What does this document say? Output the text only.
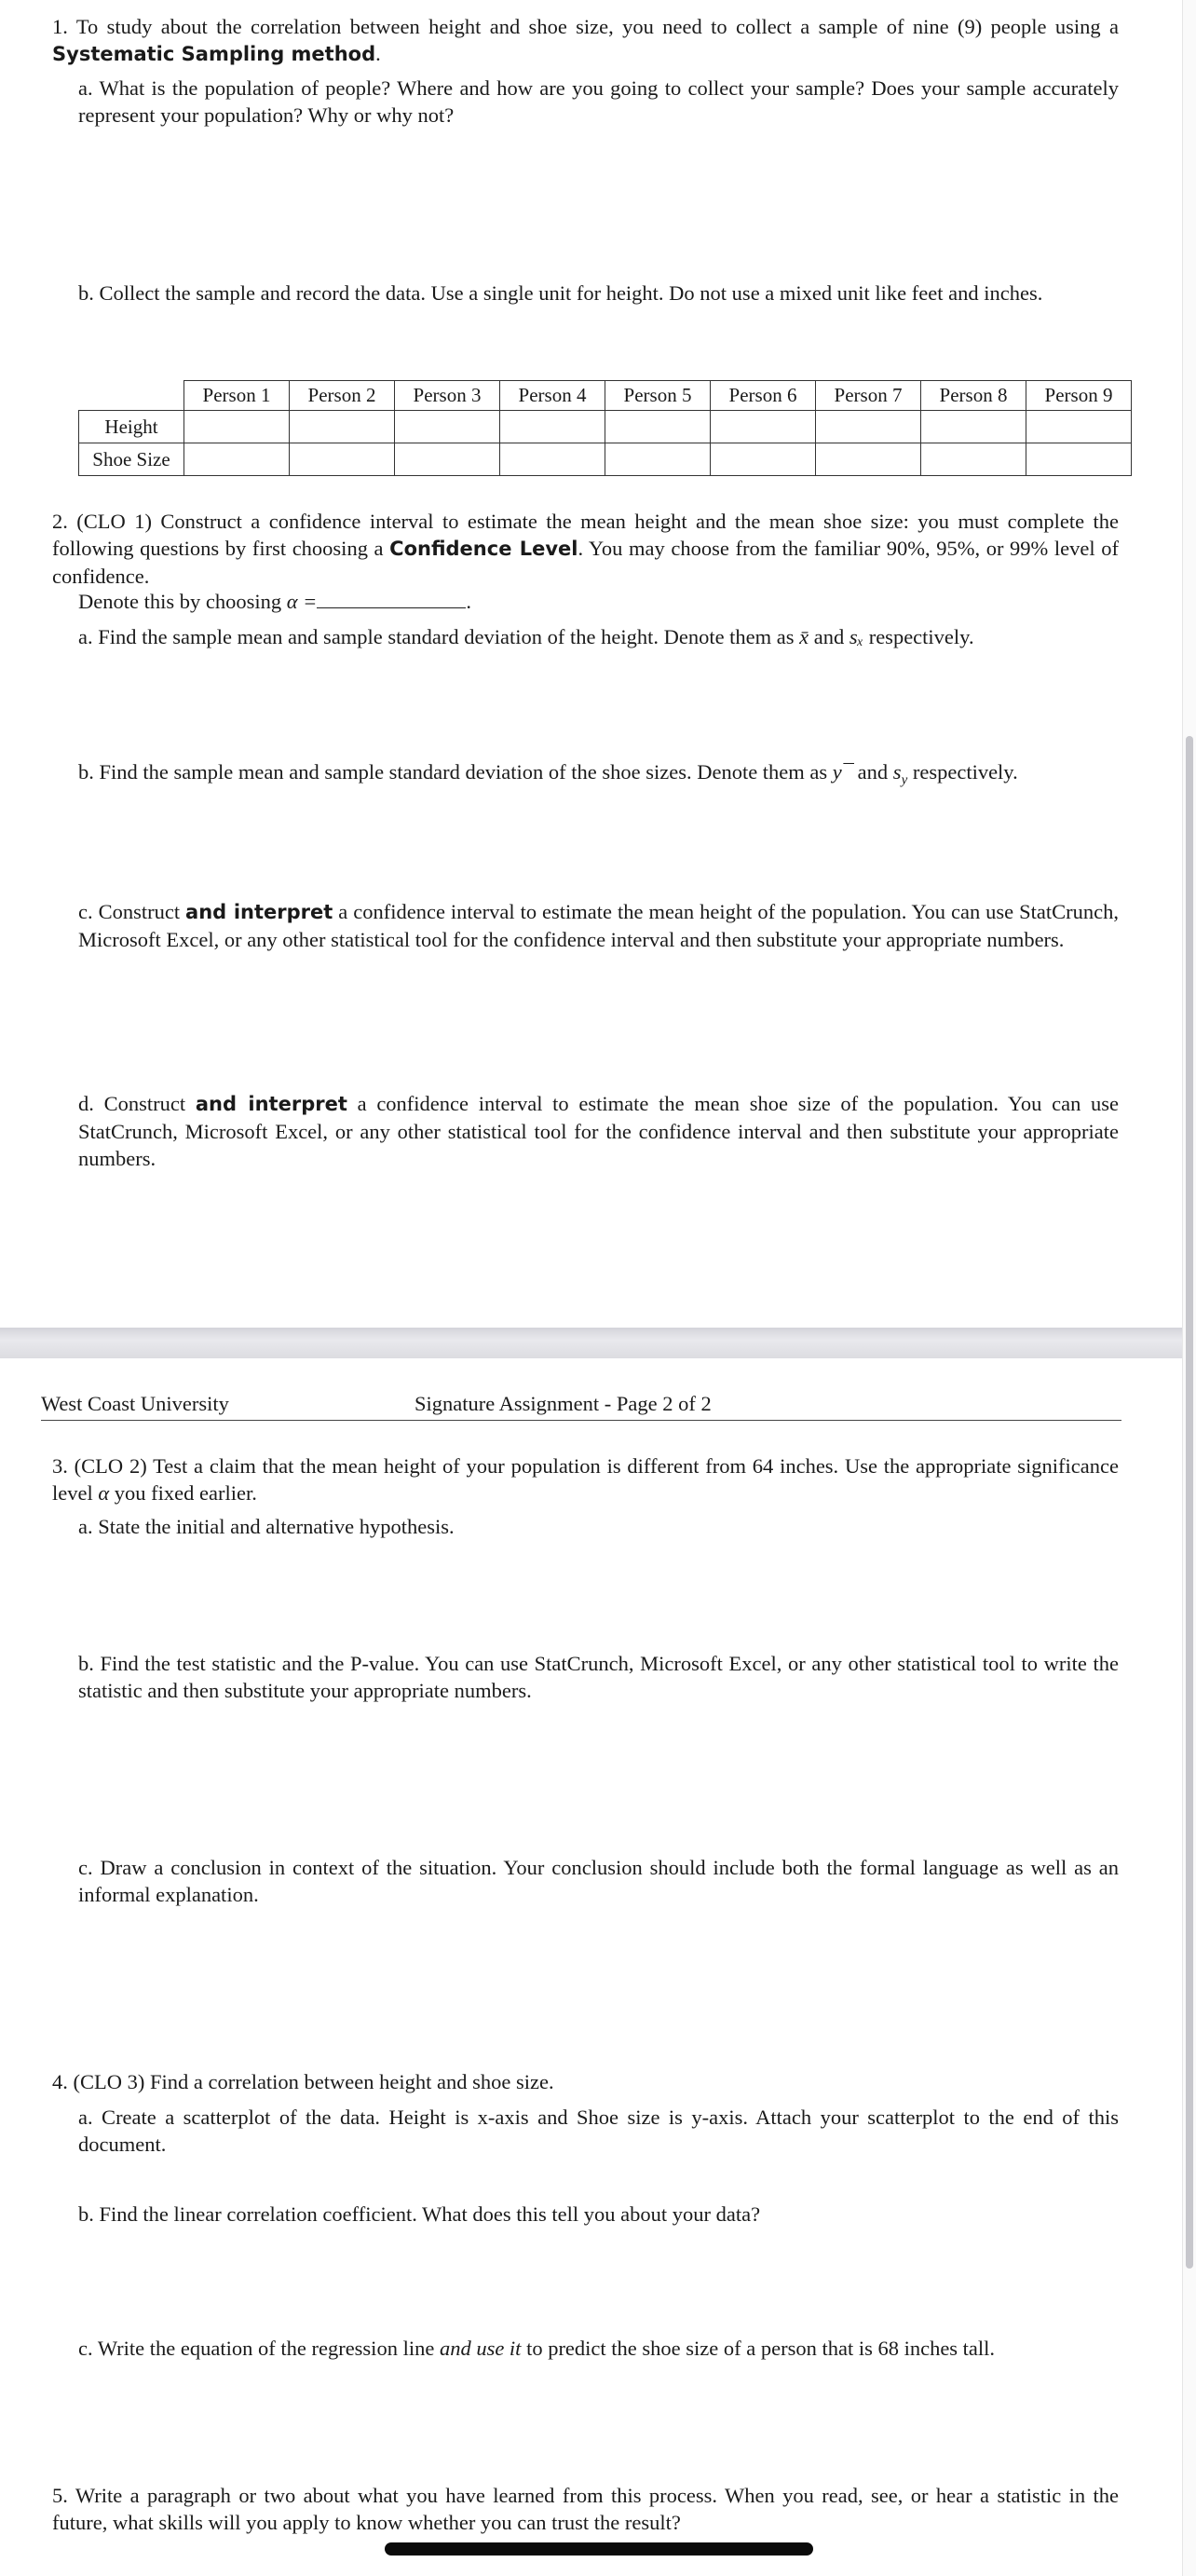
1. To study about the correlation between height and shoe size, you need to collect a sample of nine (9) people using a Systematic Sampling method.

a. What is the population of people? Where and how are you going to collect your sample? Does your sample accurately represent your population? Why or why not?

b. Collect the sample and record the data. Use a single unit for height. Do not use a mixed unit like feet and inches.

	Person 1	Person 2	Person 3	Person 4	Person 5	Person 6	Person 7	Person 8	Person 9
Height									
Shoe Size									

2. (CLO 1) Construct a confidence interval to estimate the mean height and the mean shoe size: you must complete the following questions by first choosing a Confidence Level. You may choose from the familiar 90%, 95%, or 99% level of confidence.

Denote this by choosing α =	.

a. Find the sample mean and sample standard deviation of the height. Denote them as x̄ and sₓ respectively.

b. Find the sample mean and sample standard deviation of the shoe sizes. Denote them as y¯ and $s_y$ respectively.

c. Construct and interpret a confidence interval to estimate the mean height of the population. You can use StatCrunch, Microsoft Excel, or any other statistical tool for the confidence interval and then substitute your appropriate numbers.

d. Construct and interpret a confidence interval to estimate the mean shoe size of the population. You can use StatCrunch, Microsoft Excel, or any other statistical tool for the confidence interval and then substitute your appropriate numbers.

West Coast University	Signature Assignment - Page 2 of 2

3. (CLO 2) Test a claim that the mean height of your population is different from 64 inches. Use the appropriate significance level α you fixed earlier.

a. State the initial and alternative hypothesis.

b. Find the test statistic and the P-value. You can use StatCrunch, Microsoft Excel, or any other statistical tool to write the statistic and then substitute your appropriate numbers.

c. Draw a conclusion in context of the situation. Your conclusion should include both the formal language as well as an informal explanation.

4. (CLO 3) Find a correlation between height and shoe size.

a. Create a scatterplot of the data. Height is x-axis and Shoe size is y-axis. Attach your scatterplot to the end of this document.

b. Find the linear correlation coefficient. What does this tell you about your data?

c. Write the equation of the regression line and use it to predict the shoe size of a person that is 68 inches tall.

5. Write a paragraph or two about what you have learned from this process. When you read, see, or hear a statistic in the future, what skills will you apply to know whether you can trust the result?
